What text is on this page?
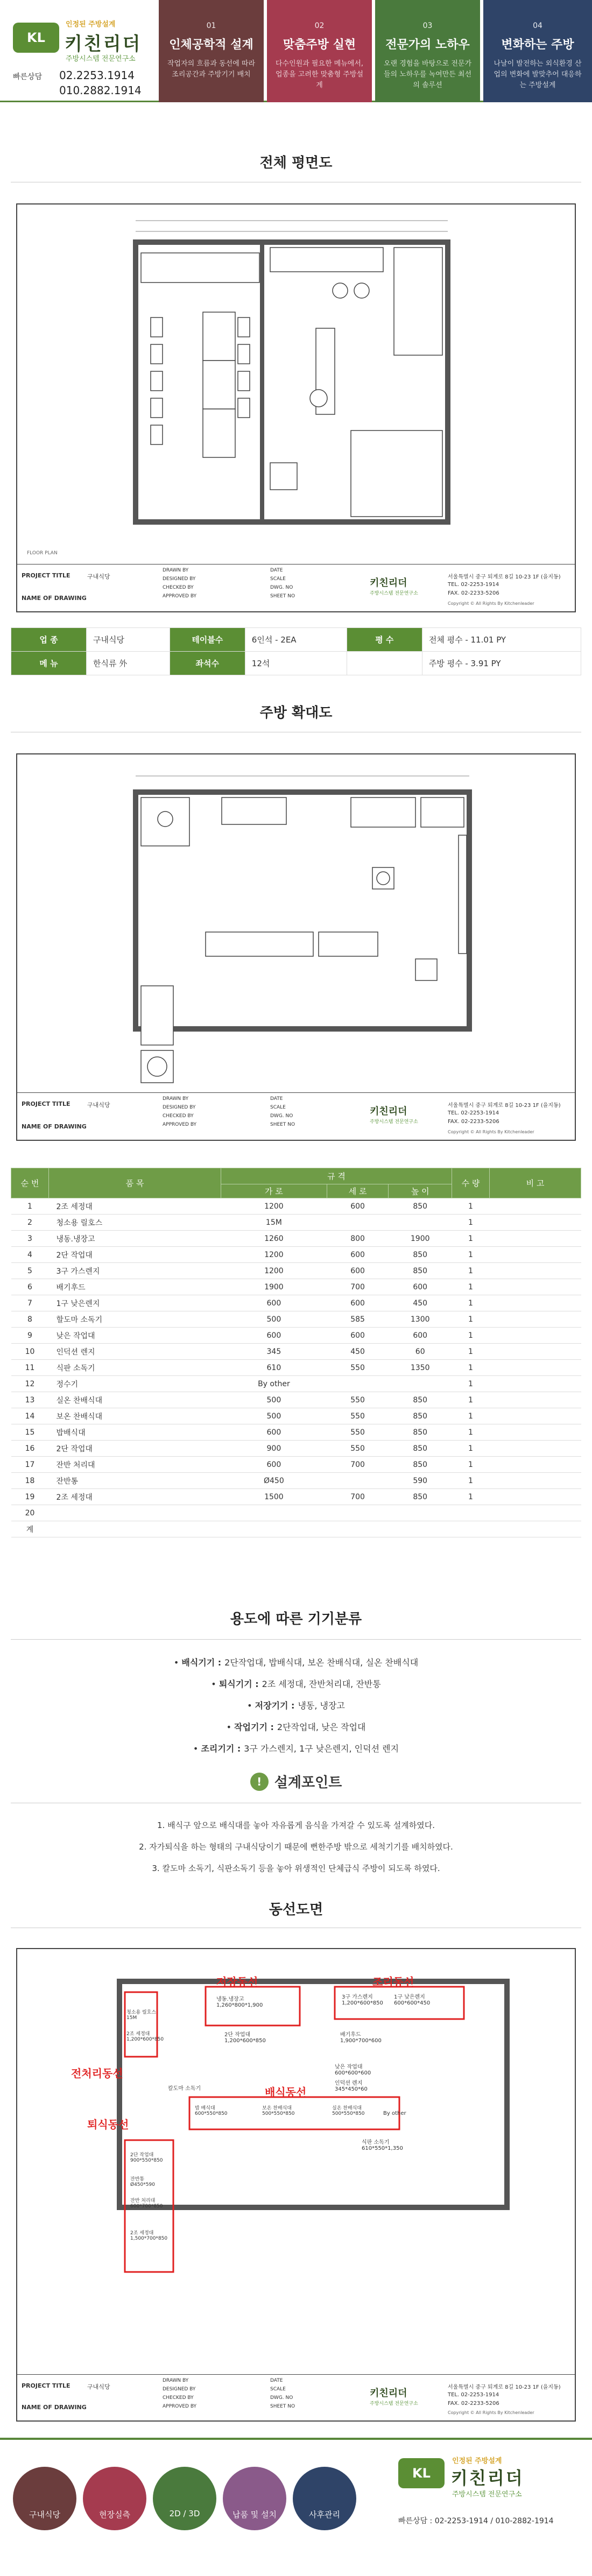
KL
인정된 주방설계
키친리더
주방시스템 전문연구소
빠른상담 02.2253.1914
010.2882.1914
01
인체공학적 설계
작업자의 흐름과 동선에 따라 조리공간과 주방기기 배치
02
맞춤주방 실현
다수인원과 필요한 메뉴에서, 업종을 고려한 맞춤형 주방설계
03
전문가의 노하우
오랜 경험을 바탕으로 전문가들의 노하우를 녹여만든 최선의 솔루션
04
변화하는 주방
나날이 발전하는 외식환경 산업의 변화에 발맞추어 대응하는 주방설계
전체 평면도
FLOOR PLAN
PROJECT TITLE	구내식당
NAME OF DRAWING
DRAWN BY
DESIGNED BY
CHECKED BY
APPROVED BY
DATE
SCALE
DWG. NO
SHEET NO
키친리더
주방시스템 전문연구소
서울특별시 중구 퇴계로 8길 10-23 1F (을지동)
TEL. 02-2253-1914
FAX. 02-2233-5206
Copyright © All Rights By Kitchenleader
업 종	구내식당	테이블수	6인석 - 2EA	평 수	전체 평수 - 11.01 PY
메 뉴	한식류 外	좌석수	12석		주방 평수 - 3.91 PY
주방 확대도
PROJECT TITLE	구내식당
NAME OF DRAWING
DRAWN BY
DESIGNED BY
CHECKED BY
APPROVED BY
DATE
SCALE
DWG. NO
SHEET NO
키친리더
주방시스템 전문연구소
서울특별시 중구 퇴계로 8길 10-23 1F (을지동)
TEL. 02-2253-1914
FAX. 02-2233-5206
Copyright © All Rights By Kitchenleader
순 번	품 목	규 격			수 량	비 고
		가 로	세 로	높 이		
1	2조 세정대	1200	600	850	1	
2	청소용 릴호스	15M			1	
3	냉동.냉장고	1260	800	1900	1	
4	2단 작업대	1200	600	850	1	
5	3구 가스렌지	1200	600	850	1	
6	배기후드	1900	700	600	1	
7	1구 낮은렌지	600	600	450	1	
8	할도마 소독기	500	585	1300	1	
9	낮은 작업대	600	600	600	1	
10	인덕션 렌지	345	450	60	1	
11	식판 소독기	610	550	1350	1	
12	정수기	By other			1	
13	실온 찬배식대	500	550	850	1	
14	보온 찬배식대	500	550	850	1	
15	밥배식대	600	550	850	1	
16	2단 작업대	900	550	850	1	
17	잔반 처리대	600	700	850	1	
18	잔반통	Ø450		590	1	
19	2조 세정대	1500	700	850	1	
20						
계						
용도에 따른 기기분류
• 배식기기 : 2단작업대, 밥배식대, 보온 찬배식대, 실온 찬배식대
• 퇴식기기 : 2조 세정대, 잔반처리대, 잔반통
• 저장기기 : 냉동, 냉장고
• 작업기기 : 2단작업대, 낮은 작업대
• 조리기기 : 3구 가스렌지, 1구 낮은렌지, 인덕션 렌지
! 설계포인트
1. 배식구 앞으로 배식대를 놓아 자유롭게 음식을 가져갈 수 있도록 설계하였다.
2. 자가퇴식을 하는 형태의 구내식당이기 때문에 뻔한주방 밖으로 세척기기를 배치하였다.
3. 칼도마 소독기, 식판소독기 등을 놓아 위생적인 단체급식 주방이 되도록 하였다.
동선도면
냉동.냉장고
1,260*800*1,900
3구 가스렌지
1,200*600*850
1구 낮은렌지
600*600*450
청소용 릴호스
15M
2조 세정대
1,200*600*850
배기후드
1,900*700*600
2단 작업대
1,200*600*850
낮은 작업대
600*600*600
인덕션 렌지
345*450*60
칼도마 소독기
밥 배식대
600*550*850
보온 찬배식대
500*550*850
실온 찬배식대
500*550*850
식판 소독기
610*550*1,350
By other
2단 작업대
900*550*850
잔반통
Ø450*590
잔반 처리대
600*700*850
2조 세정대
1,500*700*850
저장동선	조리동선
전처리동선
배식동선
퇴식동선
PROJECT TITLE	구내식당
NAME OF DRAWING
DRAWN BY
DESIGNED BY
CHECKED BY
APPROVED BY
DATE
SCALE
DWG. NO
SHEET NO
키친리더
주방시스템 전문연구소
서울특별시 중구 퇴계로 8길 10-23 1F (을지동)
TEL. 02-2253-1914
FAX. 02-2233-5206
Copyright © All Rights By Kitchenleader
구내식당	현장실측	2D / 3D	납품 및 설치	사후관리
KL
인정된 주방설계
키친리더
주방시스템 전문연구소
빠른상담 : 02-2253-1914 / 010-2882-1914
